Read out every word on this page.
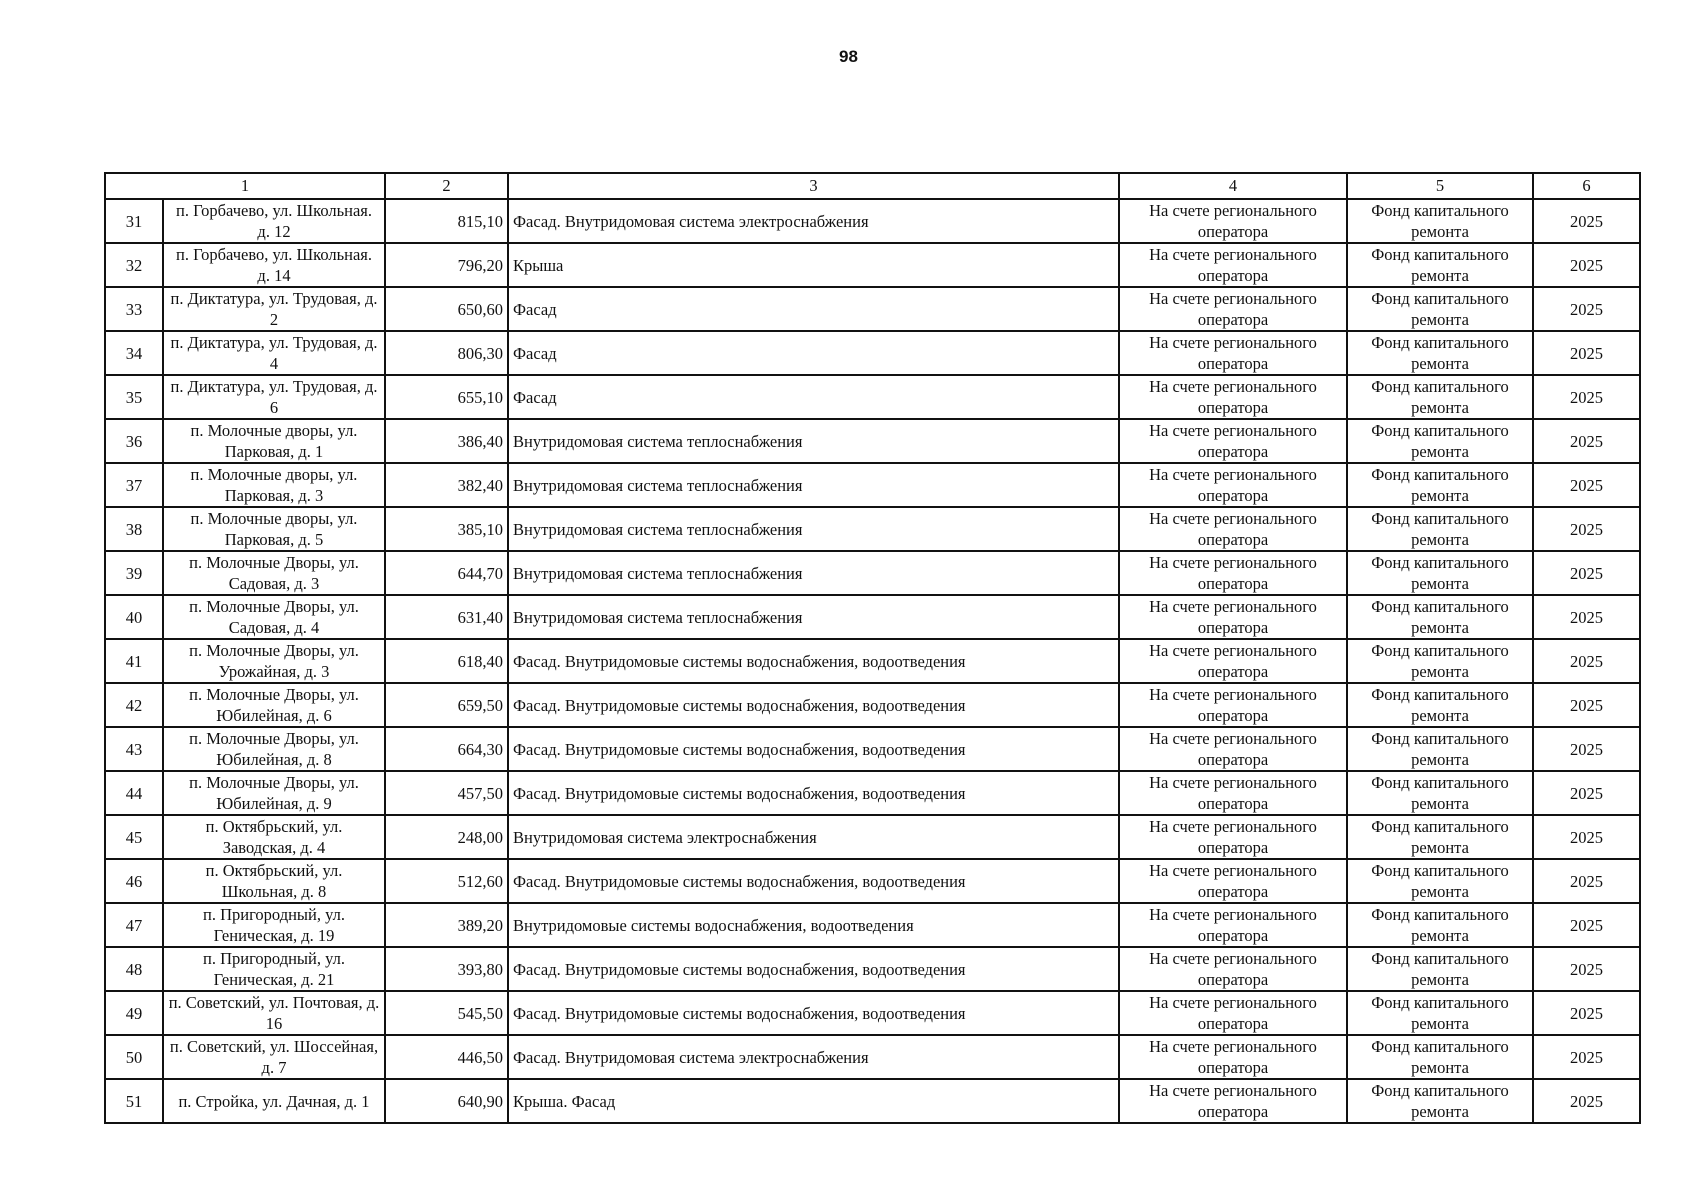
98
1		2	3	4	5	6
31	п. Горбачево, ул. Школьная. д. 12	815,10	Фасад. Внутридомовая система электроснабжения	На счете регионального оператора	Фонд капитального ремонта	2025
32	п. Горбачево, ул. Школьная. д. 14	796,20	Крыша	На счете регионального оператора	Фонд капитального ремонта	2025
33	п. Диктатура, ул. Трудовая, д. 2	650,60	Фасад	На счете регионального оператора	Фонд капитального ремонта	2025
34	п. Диктатура, ул. Трудовая, д. 4	806,30	Фасад	На счете регионального оператора	Фонд капитального ремонта	2025
35	п. Диктатура, ул. Трудовая, д. 6	655,10	Фасад	На счете регионального оператора	Фонд капитального ремонта	2025
36	п. Молочные дворы, ул. Парковая, д. 1	386,40	Внутридомовая система теплоснабжения	На счете регионального оператора	Фонд капитального ремонта	2025
37	п. Молочные дворы, ул. Парковая, д. 3	382,40	Внутридомовая система теплоснабжения	На счете регионального оператора	Фонд капитального ремонта	2025
38	п. Молочные дворы, ул. Парковая, д. 5	385,10	Внутридомовая система теплоснабжения	На счете регионального оператора	Фонд капитального ремонта	2025
39	п. Молочные Дворы, ул. Садовая, д. 3	644,70	Внутридомовая система теплоснабжения	На счете регионального оператора	Фонд капитального ремонта	2025
40	п. Молочные Дворы, ул. Садовая, д. 4	631,40	Внутридомовая система теплоснабжения	На счете регионального оператора	Фонд капитального ремонта	2025
41	п. Молочные Дворы, ул. Урожайная, д. 3	618,40	Фасад. Внутридомовые системы водоснабжения, водоотведения	На счете регионального оператора	Фонд капитального ремонта	2025
42	п. Молочные Дворы, ул. Юбилейная, д. 6	659,50	Фасад. Внутридомовые системы водоснабжения, водоотведения	На счете регионального оператора	Фонд капитального ремонта	2025
43	п. Молочные Дворы, ул. Юбилейная, д. 8	664,30	Фасад. Внутридомовые системы водоснабжения, водоотведения	На счете регионального оператора	Фонд капитального ремонта	2025
44	п. Молочные Дворы, ул. Юбилейная, д. 9	457,50	Фасад. Внутридомовые системы водоснабжения, водоотведения	На счете регионального оператора	Фонд капитального ремонта	2025
45	п. Октябрьский, ул. Заводская, д. 4	248,00	Внутридомовая система электроснабжения	На счете регионального оператора	Фонд капитального ремонта	2025
46	п. Октябрьский, ул. Школьная, д. 8	512,60	Фасад. Внутридомовые системы водоснабжения, водоотведения	На счете регионального оператора	Фонд капитального ремонта	2025
47	п. Пригородный, ул. Геническая, д. 19	389,20	Внутридомовые системы водоснабжения, водоотведения	На счете регионального оператора	Фонд капитального ремонта	2025
48	п. Пригородный, ул. Геническая, д. 21	393,80	Фасад. Внутридомовые системы водоснабжения, водоотведения	На счете регионального оператора	Фонд капитального ремонта	2025
49	п. Советский, ул. Почтовая, д. 16	545,50	Фасад. Внутридомовые системы водоснабжения, водоотведения	На счете регионального оператора	Фонд капитального ремонта	2025
50	п. Советский, ул. Шоссейная, д. 7	446,50	Фасад. Внутридомовая система электроснабжения	На счете регионального оператора	Фонд капитального ремонта	2025
51	п. Стройка, ул. Дачная, д. 1	640,90	Крыша. Фасад	На счете регионального оператора	Фонд капитального ремонта	2025
